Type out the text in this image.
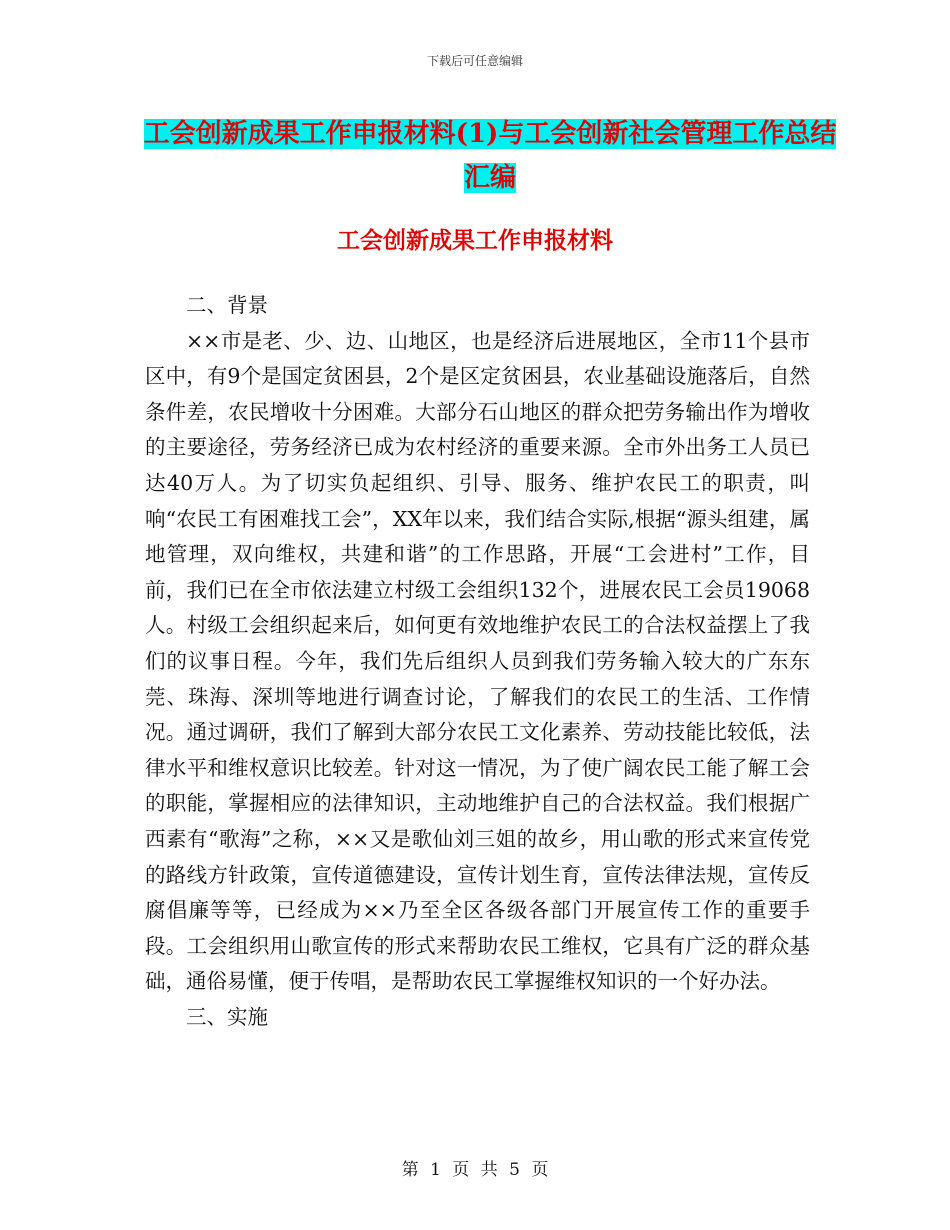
下载后可任意编辑
工会创新成果工作申报材料(1)与工会创新社会管理工作总结汇编
工会创新成果工作申报材料

二、背景

××市是老、少、边、山地区，也是经济后进展地区，全市11个县市区中，有9个是国定贫困县，2个是区定贫困县，农业基础设施落后，自然条件差，农民增收十分困难。大部分石山地区的群众把劳务输出作为增收的主要途径，劳务经济已成为农村经济的重要来源。全市外出务工人员已达40万人。为了切实负起组织、引导、服务、维护农民工的职责，叫响“农民工有困难找工会”，XX年以来，我们结合实际,根据“源头组建，属地管理，双向维权，共建和谐”的工作思路，开展“工会进村”工作，目前，我们已在全市依法建立村级工会组织132个，进展农民工会员19068人。村级工会组织起来后，如何更有效地维护农民工的合法权益摆上了我们的议事日程。今年，我们先后组织人员到我们劳务输入较大的广东东莞、珠海、深圳等地进行调查讨论，了解我们的农民工的生活、工作情况。通过调研，我们了解到大部分农民工文化素养、劳动技能比较低，法律水平和维权意识比较差。针对这一情况，为了使广阔农民工能了解工会的职能，掌握相应的法律知识，主动地维护自己的合法权益。我们根据广西素有“歌海”之称，××又是歌仙刘三姐的故乡，用山歌的形式来宣传党的路线方针政策，宣传道德建设，宣传计划生育，宣传法律法规，宣传反腐倡廉等等，已经成为××乃至全区各级各部门开展宣传工作的重要手段。工会组织用山歌宣传的形式来帮助农民工维权，它具有广泛的群众基础，通俗易懂，便于传唱，是帮助农民工掌握维权知识的一个好办法。

三、实施

第 1 页 共 5 页
